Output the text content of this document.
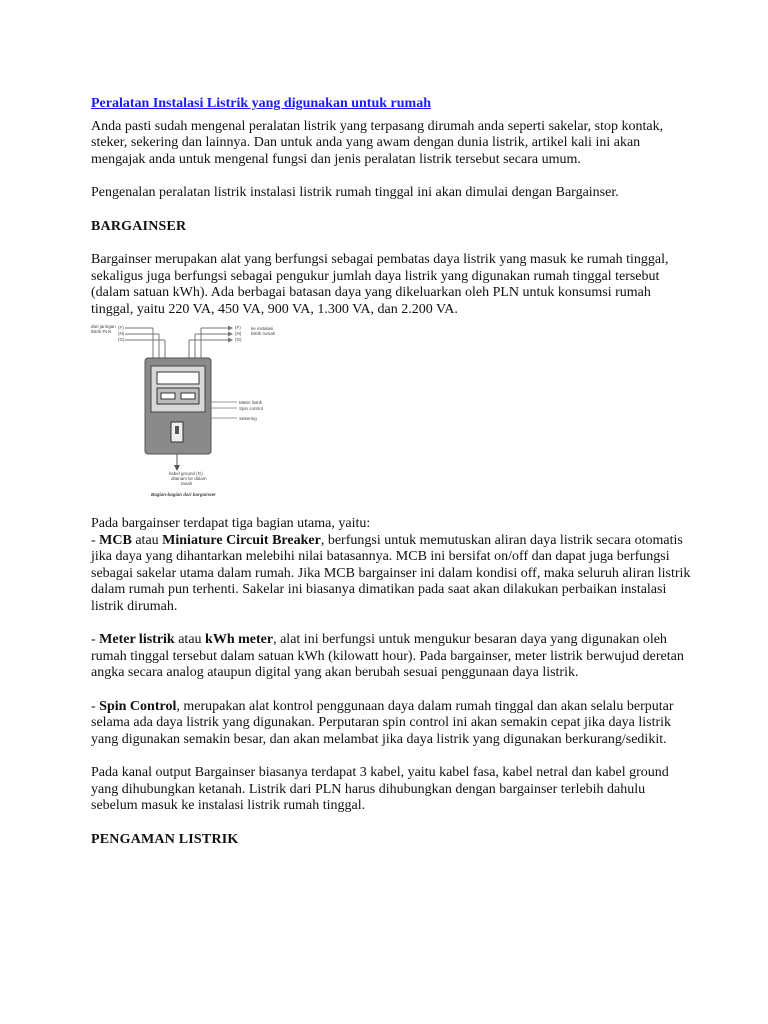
Peralatan Instalasi Listrik yang digunakan untuk rumah

Anda pasti sudah mengenal peralatan listrik yang terpasang dirumah anda seperti sakelar, stop kontak, steker, sekering dan lainnya. Dan untuk anda yang awam dengan dunia listrik, artikel kali ini akan mengajak anda untuk mengenal fungsi dan jenis peralatan listrik tersebut secara umum.

Pengenalan peralatan listrik instalasi listrik rumah tinggal ini akan dimulai dengan Bargainser.

BARGAINSER

Bargainser merupakan alat yang berfungsi sebagai pembatas daya listrik yang masuk ke rumah tinggal, sekaligus juga berfungsi sebagai pengukur jumlah daya listrik yang digunakan rumah tinggal tersebut (dalam satuan kWh). Ada berbagai batasan daya yang dikeluarkan oleh PLN untuk konsumsi rumah tinggal, yaitu 220 VA, 450 VA, 900 VA, 1.300 VA, dan 2.200 VA.

dari jaringan
listrik PLN
(F)
(N)
(G)
(F)
(N)
(G)
ke instalasi
listrik rumah
Meter listrik
Spin control
Sekering
kabel ground (G)
ditanam ke dalam
tanah
Bagian-bagian dari bargainser

Pada bargainser terdapat tiga bagian utama, yaitu:

- MCB atau Miniature Circuit Breaker, berfungsi untuk memutuskan aliran daya listrik secara otomatis jika daya yang dihantarkan melebihi nilai batasannya. MCB ini bersifat on/off dan dapat juga berfungsi sebagai sakelar utama dalam rumah. Jika MCB bargainser ini dalam kondisi off, maka seluruh aliran listrik dalam rumah pun terhenti. Sakelar ini biasanya dimatikan pada saat akan dilakukan perbaikan instalasi listrik dirumah.

- Meter listrik atau kWh meter, alat ini berfungsi untuk mengukur besaran daya yang digunakan oleh rumah tinggal tersebut dalam satuan kWh (kilowatt hour). Pada bargainser, meter listrik berwujud deretan angka secara analog ataupun digital yang akan berubah sesuai penggunaan daya listrik.

- Spin Control, merupakan alat kontrol penggunaan daya dalam rumah tinggal dan akan selalu berputar selama ada daya listrik yang digunakan. Perputaran spin control ini akan semakin cepat jika daya listrik yang digunakan semakin besar, dan akan melambat jika daya listrik yang digunakan berkurang/sedikit.

Pada kanal output Bargainser biasanya terdapat 3 kabel, yaitu kabel fasa, kabel netral dan kabel ground yang dihubungkan ketanah. Listrik dari PLN harus dihubungkan dengan bargainser terlebih dahulu sebelum masuk ke instalasi listrik rumah tinggal.

PENGAMAN LISTRIK
